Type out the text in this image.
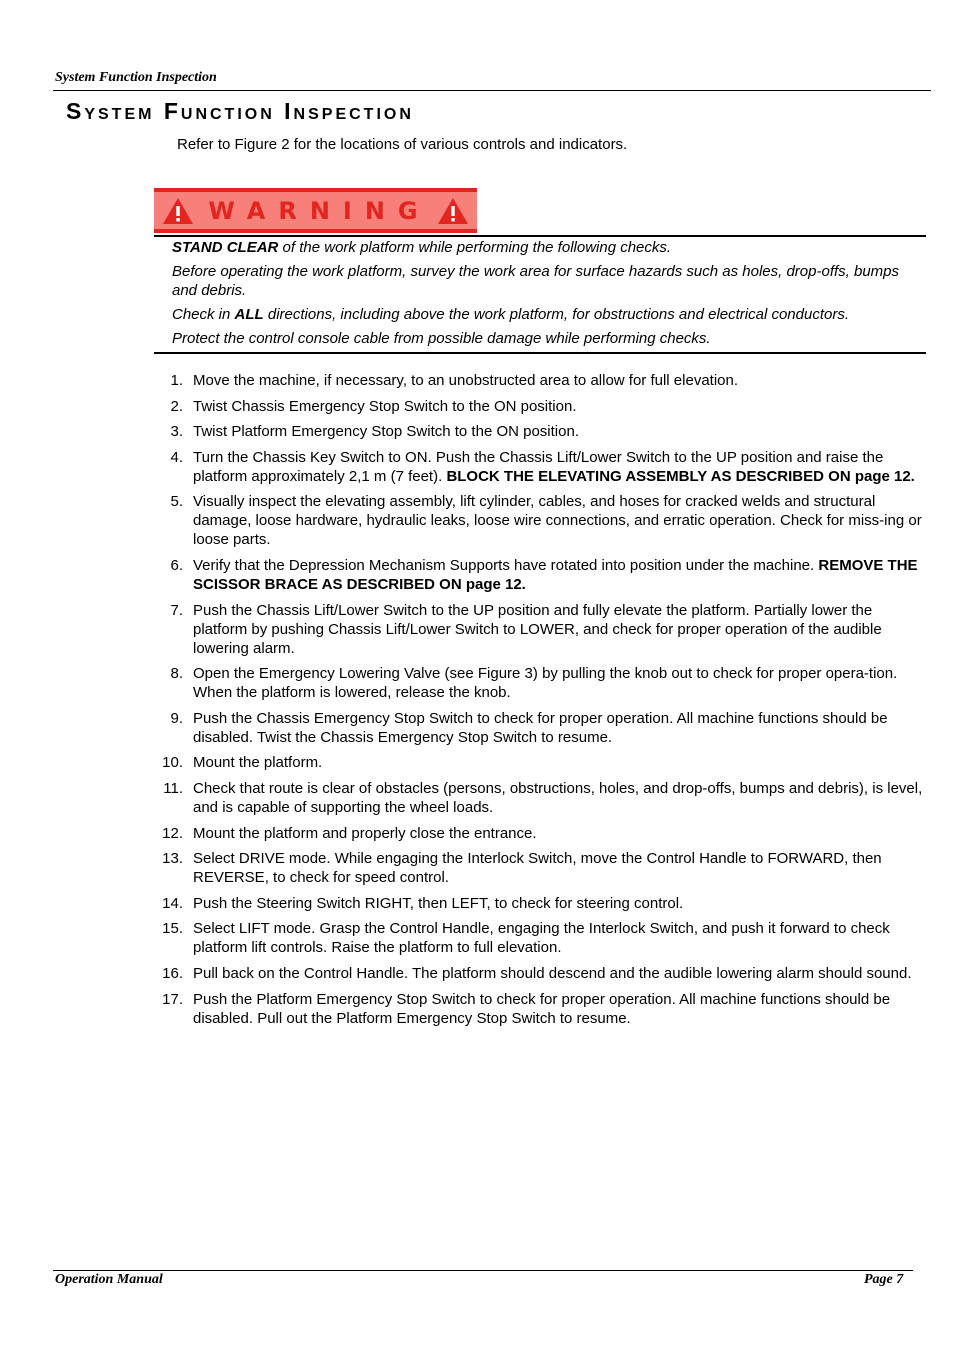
System Function Inspection
System Function Inspection
Refer to Figure 2 for the locations of various controls and indicators.
WARNING

STAND CLEAR of the work platform while performing the following checks.

Before operating the work platform, survey the work area for surface hazards such as holes, drop-offs, bumps and debris.

Check in ALL directions, including above the work platform, for obstructions and electrical conductors.

Protect the control console cable from possible damage while performing checks.

1. Move the machine, if necessary, to an unobstructed area to allow for full elevation.
2. Twist Chassis Emergency Stop Switch to the ON position.
3. Twist Platform Emergency Stop Switch to the ON position.
4. Turn the Chassis Key Switch to ON. Push the Chassis Lift/Lower Switch to the UP position and raise the platform approximately 2,1 m (7 feet). BLOCK THE ELEVATING ASSEMBLY AS DESCRIBED ON page 12.
5. Visually inspect the elevating assembly, lift cylinder, cables, and hoses for cracked welds and structural damage, loose hardware, hydraulic leaks, loose wire connections, and erratic operation. Check for miss-ing or loose parts.
6. Verify that the Depression Mechanism Supports have rotated into position under the machine. REMOVE THE SCISSOR BRACE AS DESCRIBED ON page 12.
7. Push the Chassis Lift/Lower Switch to the UP position and fully elevate the platform. Partially lower the platform by pushing Chassis Lift/Lower Switch to LOWER, and check for proper operation of the audible lowering alarm.
8. Open the Emergency Lowering Valve (see Figure 3) by pulling the knob out to check for proper opera-tion. When the platform is lowered, release the knob.
9. Push the Chassis Emergency Stop Switch to check for proper operation. All machine functions should be disabled. Twist the Chassis Emergency Stop Switch to resume.
10. Mount the platform.
11. Check that route is clear of obstacles (persons, obstructions, holes, and drop-offs, bumps and debris), is level, and is capable of supporting the wheel loads.
12. Mount the platform and properly close the entrance.
13. Select DRIVE mode. While engaging the Interlock Switch, move the Control Handle to FORWARD, then REVERSE, to check for speed control.
14. Push the Steering Switch RIGHT, then LEFT, to check for steering control.
15. Select LIFT mode. Grasp the Control Handle, engaging the Interlock Switch, and push it forward to check platform lift controls. Raise the platform to full elevation.
16. Pull back on the Control Handle. The platform should descend and the audible lowering alarm should sound.
17. Push the Platform Emergency Stop Switch to check for proper operation. All machine functions should be disabled. Pull out the Platform Emergency Stop Switch to resume.
Operation Manual	Page 7
